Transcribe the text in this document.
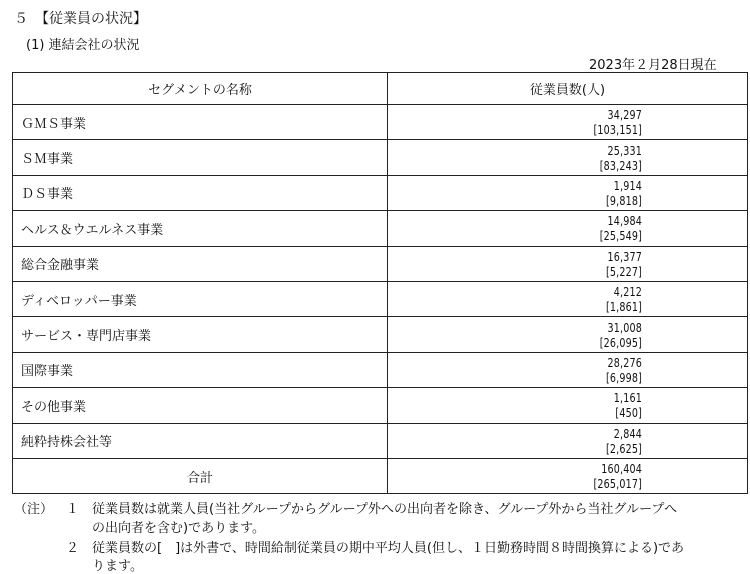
５　【従業員の状況】
(1) 連結会社の状況
2023年２月28日現在
セグメントの名称	従業員数(人)
ＧＭＳ事業	34,297
[103,151]

ＳＭ事業	25,331
[83,243]

ＤＳ事業	1,914
[9,818]

ヘルス＆ウエルネス事業	14,984
[25,549]

総合金融事業	16,377
[5,227]

ディベロッパー事業	4,212
[1,861]

サービス・専門店事業	31,008
[26,095]

国際事業	28,276
[6,998]

その他事業	1,161
[450]

純粋持株会社等	2,844
[2,625]

合計	160,404
[265,017]
（注） １ 従業員数は就業人員(当社グループからグループ外への出向者を除き、グループ外から当社グループへ
の出向者を含む)であります。
２ 従業員数の[　]は外書で、時間給制従業員の期中平均人員(但し、１日勤務時間８時間換算による)であ
ります。
